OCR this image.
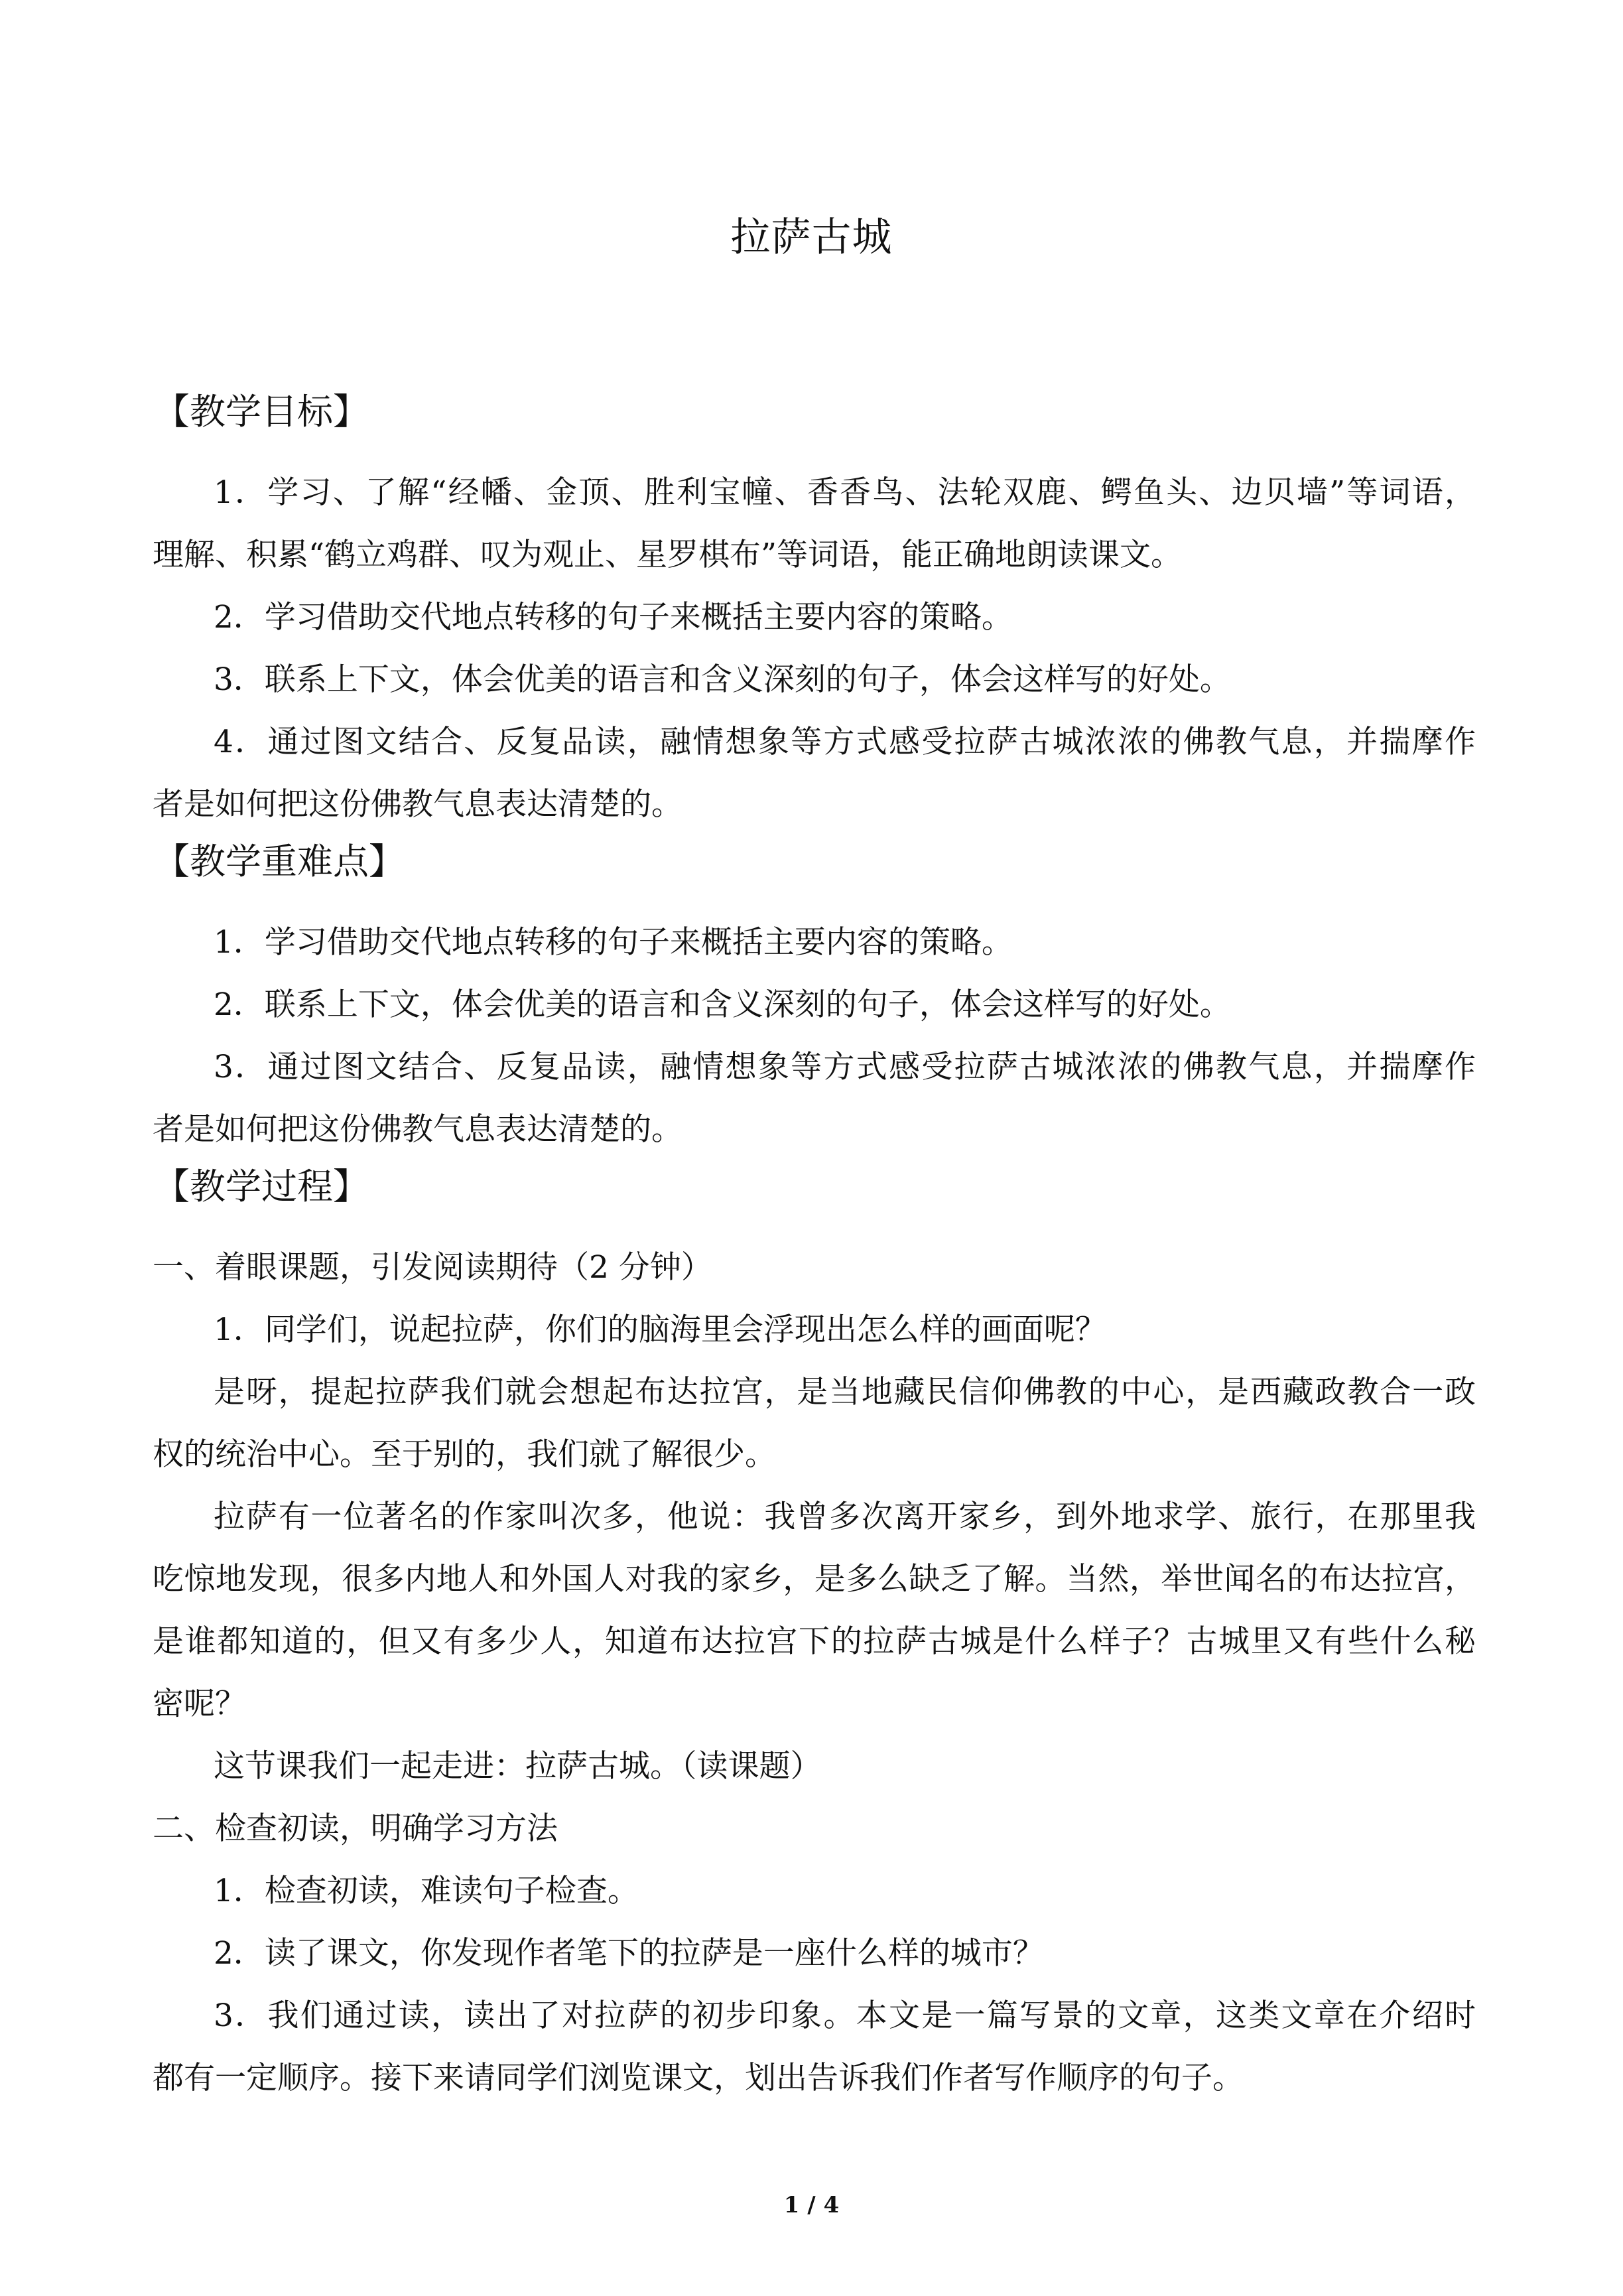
拉萨古城
【教学目标】
1．学习、了解“经幡、金顶、胜利宝幢、香香鸟、法轮双鹿、鳄鱼头、边贝墙”等词语，
理解、积累“鹤立鸡群、叹为观止、星罗棋布”等词语，能正确地朗读课文。
2．学习借助交代地点转移的句子来概括主要内容的策略。
3．联系上下文，体会优美的语言和含义深刻的句子，体会这样写的好处。
4．通过图文结合、反复品读，融情想象等方式感受拉萨古城浓浓的佛教气息，并揣摩作
者是如何把这份佛教气息表达清楚的。
【教学重难点】
1．学习借助交代地点转移的句子来概括主要内容的策略。
2．联系上下文，体会优美的语言和含义深刻的句子，体会这样写的好处。
3．通过图文结合、反复品读，融情想象等方式感受拉萨古城浓浓的佛教气息，并揣摩作
者是如何把这份佛教气息表达清楚的。
【教学过程】
一、着眼课题，引发阅读期待（2 分钟）
1．同学们，说起拉萨，你们的脑海里会浮现出怎么样的画面呢？
是呀，提起拉萨我们就会想起布达拉宫，是当地藏民信仰佛教的中心，是西藏政教合一政
权的统治中心。至于别的，我们就了解很少。
拉萨有一位著名的作家叫次多，他说：我曾多次离开家乡，到外地求学、旅行，在那里我
吃惊地发现，很多内地人和外国人对我的家乡，是多么缺乏了解。当然，举世闻名的布达拉宫，
是谁都知道的，但又有多少人，知道布达拉宫下的拉萨古城是什么样子？古城里又有些什么秘
密呢？
这节课我们一起走进：拉萨古城。（读课题）
二、检查初读，明确学习方法
1．检查初读，难读句子检查。
2．读了课文，你发现作者笔下的拉萨是一座什么样的城市？
3．我们通过读，读出了对拉萨的初步印象。本文是一篇写景的文章，这类文章在介绍时
都有一定顺序。接下来请同学们浏览课文，划出告诉我们作者写作顺序的句子。
1 / 4
